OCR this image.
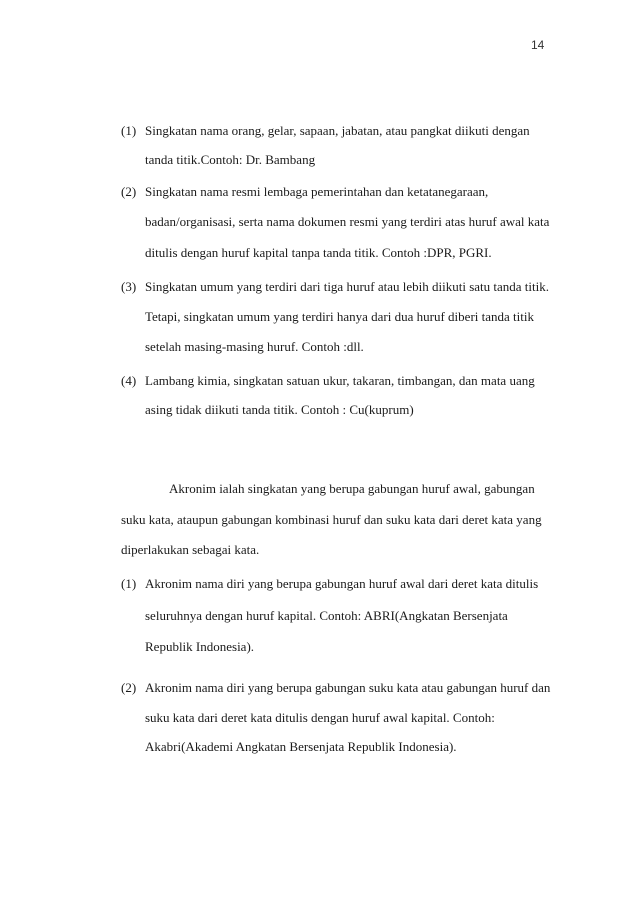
14
(1) Singkatan nama orang, gelar, sapaan, jabatan, atau pangkat diikuti dengan
tanda titik.Contoh: Dr. Bambang
(2) Singkatan nama resmi lembaga pemerintahan dan ketatanegaraan,
badan/organisasi, serta nama dokumen resmi yang terdiri atas huruf awal kata
ditulis dengan huruf kapital tanpa tanda titik. Contoh :DPR, PGRI.
(3) Singkatan umum yang terdiri dari tiga huruf atau lebih diikuti satu tanda titik.
Tetapi, singkatan umum yang terdiri hanya dari dua huruf diberi tanda titik
setelah masing-masing huruf. Contoh :dll.
(4) Lambang kimia, singkatan satuan ukur, takaran, timbangan, dan mata uang
asing tidak diikuti tanda titik. Contoh : Cu(kuprum)
Akronim ialah singkatan yang berupa gabungan huruf awal, gabungan
suku kata, ataupun gabungan kombinasi huruf dan suku kata dari deret kata yang
diperlakukan sebagai kata.
(1) Akronim nama diri yang berupa gabungan huruf awal dari deret kata ditulis
seluruhnya dengan huruf kapital. Contoh: ABRI(Angkatan Bersenjata
Republik Indonesia).
(2) Akronim nama diri yang berupa gabungan suku kata atau gabungan huruf dan
suku kata dari deret kata ditulis dengan huruf awal kapital. Contoh:
Akabri(Akademi Angkatan Bersenjata Republik Indonesia).
